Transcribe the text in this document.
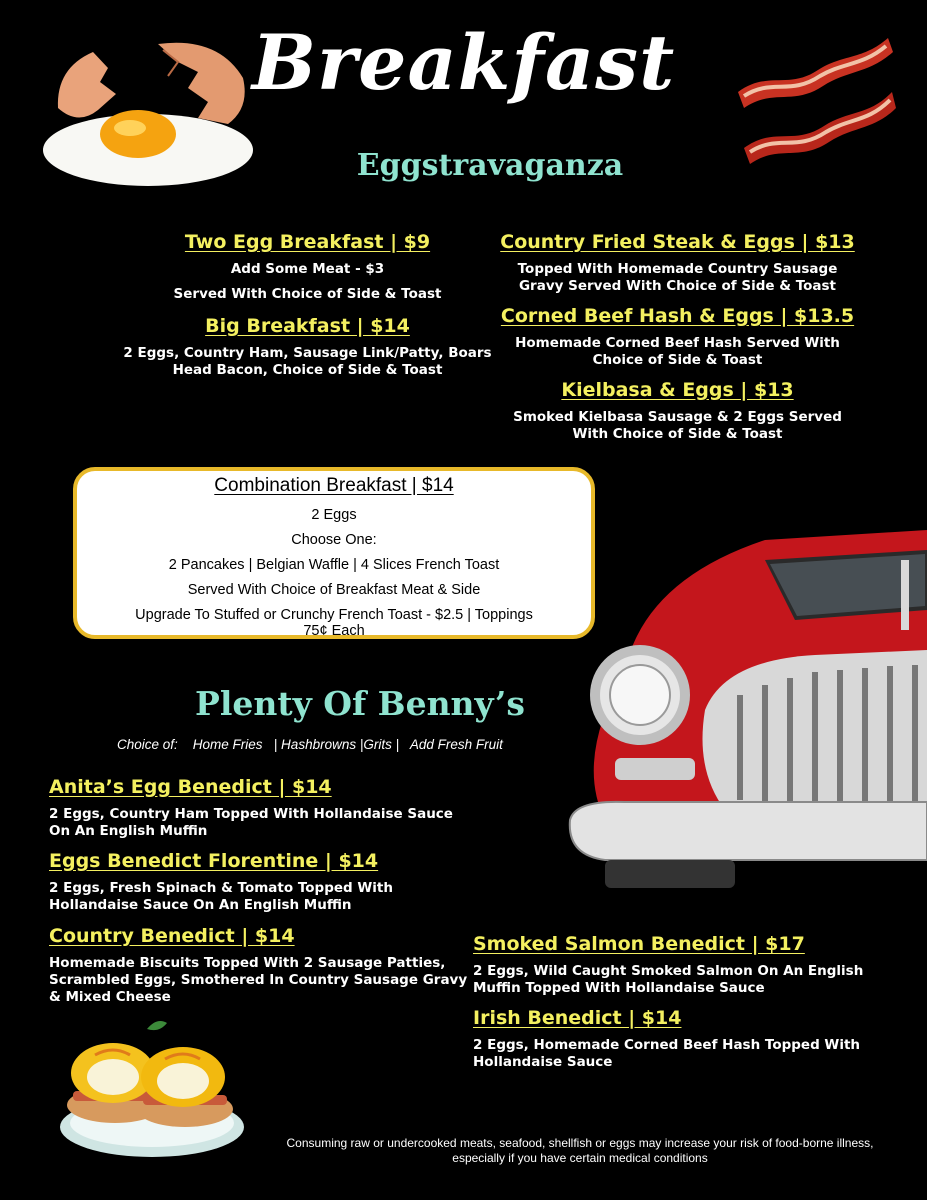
Breakfast
Eggstravaganza
Two Egg Breakfast | $9
Add Some Meat - $3
Served With Choice of Side & Toast
Big Breakfast | $14
2 Eggs, Country Ham, Sausage Link/Patty, Boars Head Bacon, Choice of Side & Toast
Country Fried Steak & Eggs | $13
Topped With Homemade Country Sausage Gravy Served With Choice of Side & Toast
Corned Beef Hash & Eggs | $13.5
Homemade Corned Beef Hash Served With Choice of Side & Toast
Kielbasa & Eggs | $13
Smoked Kielbasa Sausage & 2 Eggs Served With Choice of Side & Toast
Combination Breakfast | $14
2 Eggs
Choose One:
2 Pancakes | Belgian Waffle | 4 Slices French Toast
Served With Choice of Breakfast Meat & Side
Upgrade To Stuffed or Crunchy French Toast - $2.5 | Toppings 75¢ Each
Plenty Of Benny’s
Choice of:    Home Fries   | Hashbrowns |Grits |   Add Fresh Fruit
Anita’s Egg Benedict | $14
2 Eggs, Country Ham Topped With Hollandaise Sauce On An English Muffin
Eggs Benedict Florentine | $14
2 Eggs, Fresh Spinach & Tomato Topped With Hollandaise Sauce On An English Muffin
Country Benedict | $14
Homemade Biscuits Topped With 2 Sausage Patties, Scrambled Eggs, Smothered In Country Sausage Gravy & Mixed Cheese
Smoked Salmon Benedict | $17
2 Eggs, Wild Caught Smoked Salmon On An English Muffin Topped With Hollandaise Sauce
Irish Benedict | $14
2 Eggs, Homemade Corned Beef Hash Topped With Hollandaise Sauce
Consuming raw or undercooked meats, seafood, shellfish or eggs may increase your risk of food-borne illness, especially if you have certain medical conditions
